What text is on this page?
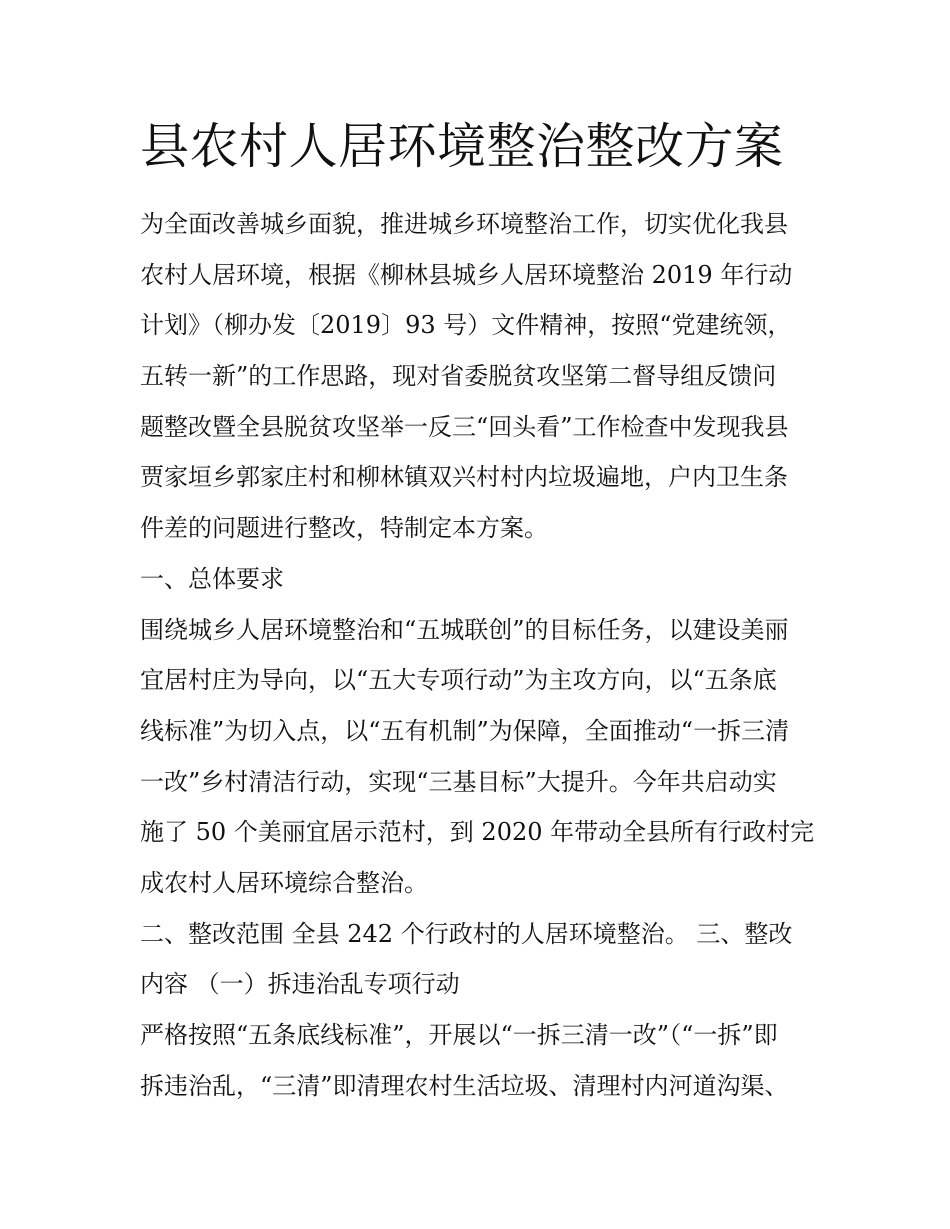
县农村人居环境整治整改方案
为全面改善城乡面貌，推进城乡环境整治工作，切实优化我县
农村人居环境，根据《柳林县城乡人居环境整治 2019 年行动
计划》（柳办发〔2019〕93 号）文件精神，按照“党建统领，
五转一新”的工作思路，现对省委脱贫攻坚第二督导组反馈问
题整改暨全县脱贫攻坚举一反三“回头看”工作检查中发现我县
贾家垣乡郭家庄村和柳林镇双兴村村内垃圾遍地，户内卫生条
件差的问题进行整改，特制定本方案。
一、总体要求
围绕城乡人居环境整治和“五城联创”的目标任务，以建设美丽
宜居村庄为导向，以“五大专项行动”为主攻方向，以“五条底
线标准”为切入点，以“五有机制”为保障，全面推动“一拆三清
一改”乡村清洁行动，实现“三基目标”大提升。今年共启动实
施了 50 个美丽宜居示范村，到 2020 年带动全县所有行政村完
成农村人居环境综合整治。
二、整改范围 全县 242 个行政村的人居环境整治。 三、整改
内容 （一）拆违治乱专项行动
严格按照“五条底线标准”，开展以“一拆三清一改”（“一拆”即
拆违治乱，“三清”即清理农村生活垃圾、清理村内河道沟渠、
